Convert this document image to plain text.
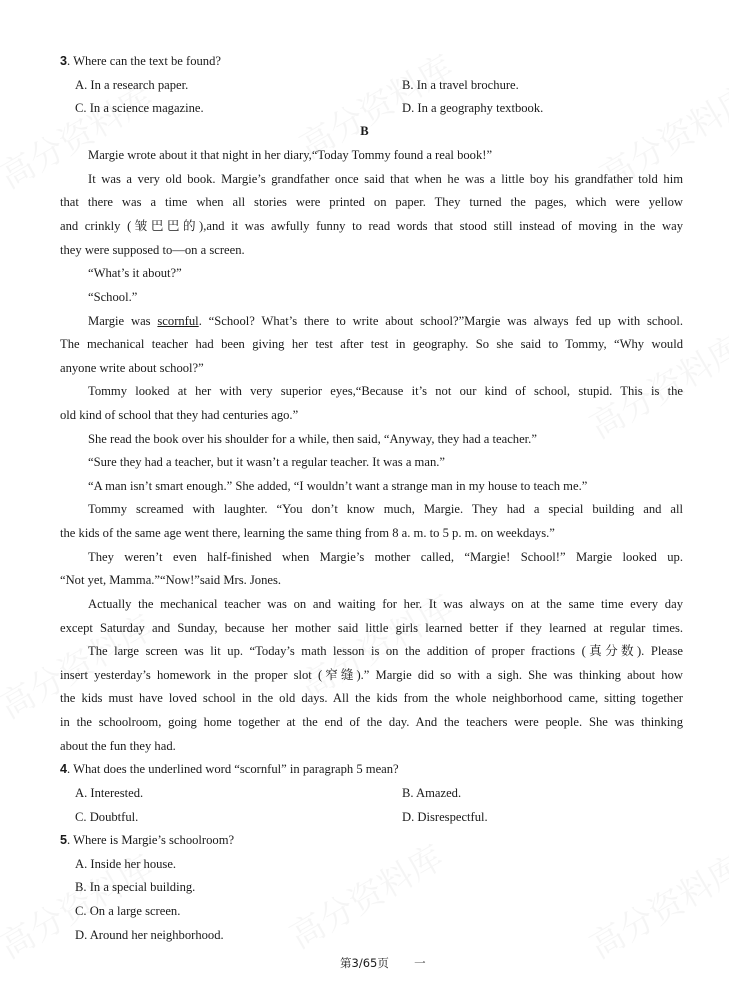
3. Where can the text be found?
A. In a research paper.	B. In a travel brochure.
C. In a science magazine.	D. In a geography textbook.
B
Margie wrote about it that night in her diary,“Today Tommy found a real book!”
It was a very old book. Margie’s grandfather once said that when he was a little boy his grandfather told him
that there was a time when all stories were printed on paper. They turned the pages, which were yellow
and crinkly (皱巴巴的),and it was awfully funny to read words that stood still instead of moving in the way
they were supposed to—on a screen.
“What’s it about?”
“School.”
Margie was scornful. “School? What’s there to write about school?”Margie was always fed up with school.
The mechanical teacher had been giving her test after test in geography. So she said to Tommy, “Why would
anyone write about school?”
Tommy looked at her with very superior eyes,“Because it’s not our kind of school, stupid. This is the
old kind of school that they had centuries ago.”
She read the book over his shoulder for a while, then said, “Anyway, they had a teacher.”
“Sure they had a teacher, but it wasn’t a regular teacher. It was a man.”
“A man isn’t smart enough.” She added, “I wouldn’t want a strange man in my house to teach me.”
Tommy screamed with laughter. “You don’t know much, Margie. They had a special building and all
the kids of the same age went there, learning the same thing from 8 a. m. to 5 p. m. on weekdays.”
They weren’t even half-finished when Margie’s mother called, “Margie! School!” Margie looked up.
“Not yet, Mamma.”“Now!”said Mrs. Jones.
Actually the mechanical teacher was on and waiting for her. It was always on at the same time every day
except Saturday and Sunday, because her mother said little girls learned better if they learned at regular times.
The large screen was lit up. “Today’s math lesson is on the addition of proper fractions (真分数). Please
insert yesterday’s homework in the proper slot (窄缝).” Margie did so with a sigh. She was thinking about how
the kids must have loved school in the old days. All the kids from the whole neighborhood came, sitting together
in the schoolroom, going home together at the end of the day. And the teachers were people. She was thinking
about the fun they had.
4. What does the underlined word “scornful” in paragraph 5 mean?
A. Interested.	B. Amazed.
C. Doubtful.	D. Disrespectful.
5. Where is Margie’s schoolroom?
A. Inside her house.
B. In a special building.
C. On a large screen.
D. Around her neighborhood.
第3/65页 一
